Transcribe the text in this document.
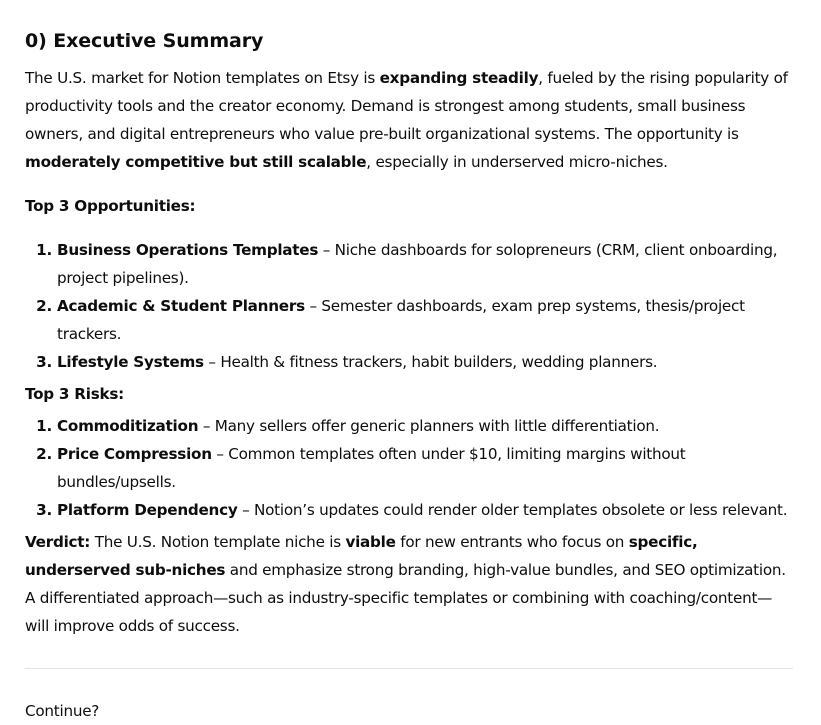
0) Executive Summary

The U.S. market for Notion templates on Etsy is expanding steadily, fueled by the rising popularity of productivity tools and the creator economy. Demand is strongest among students, small business owners, and digital entrepreneurs who value pre-built organizational systems. The opportunity is moderately competitive but still scalable, especially in underserved micro-niches.

Top 3 Opportunities:

1. Business Operations Templates – Niche dashboards for solopreneurs (CRM, client onboarding, project pipelines).
2. Academic & Student Planners – Semester dashboards, exam prep systems, thesis/project trackers.
3. Lifestyle Systems – Health & fitness trackers, habit builders, wedding planners.

Top 3 Risks:

1. Commoditization – Many sellers offer generic planners with little differentiation.
2. Price Compression – Common templates often under $10, limiting margins without bundles/upsells.
3. Platform Dependency – Notion’s updates could render older templates obsolete or less relevant.

Verdict: The U.S. Notion template niche is viable for new entrants who focus on specific, underserved sub-niches and emphasize strong branding, high-value bundles, and SEO optimization. A differentiated approach—such as industry-specific templates or combining with coaching/content—will improve odds of success.

Continue?
